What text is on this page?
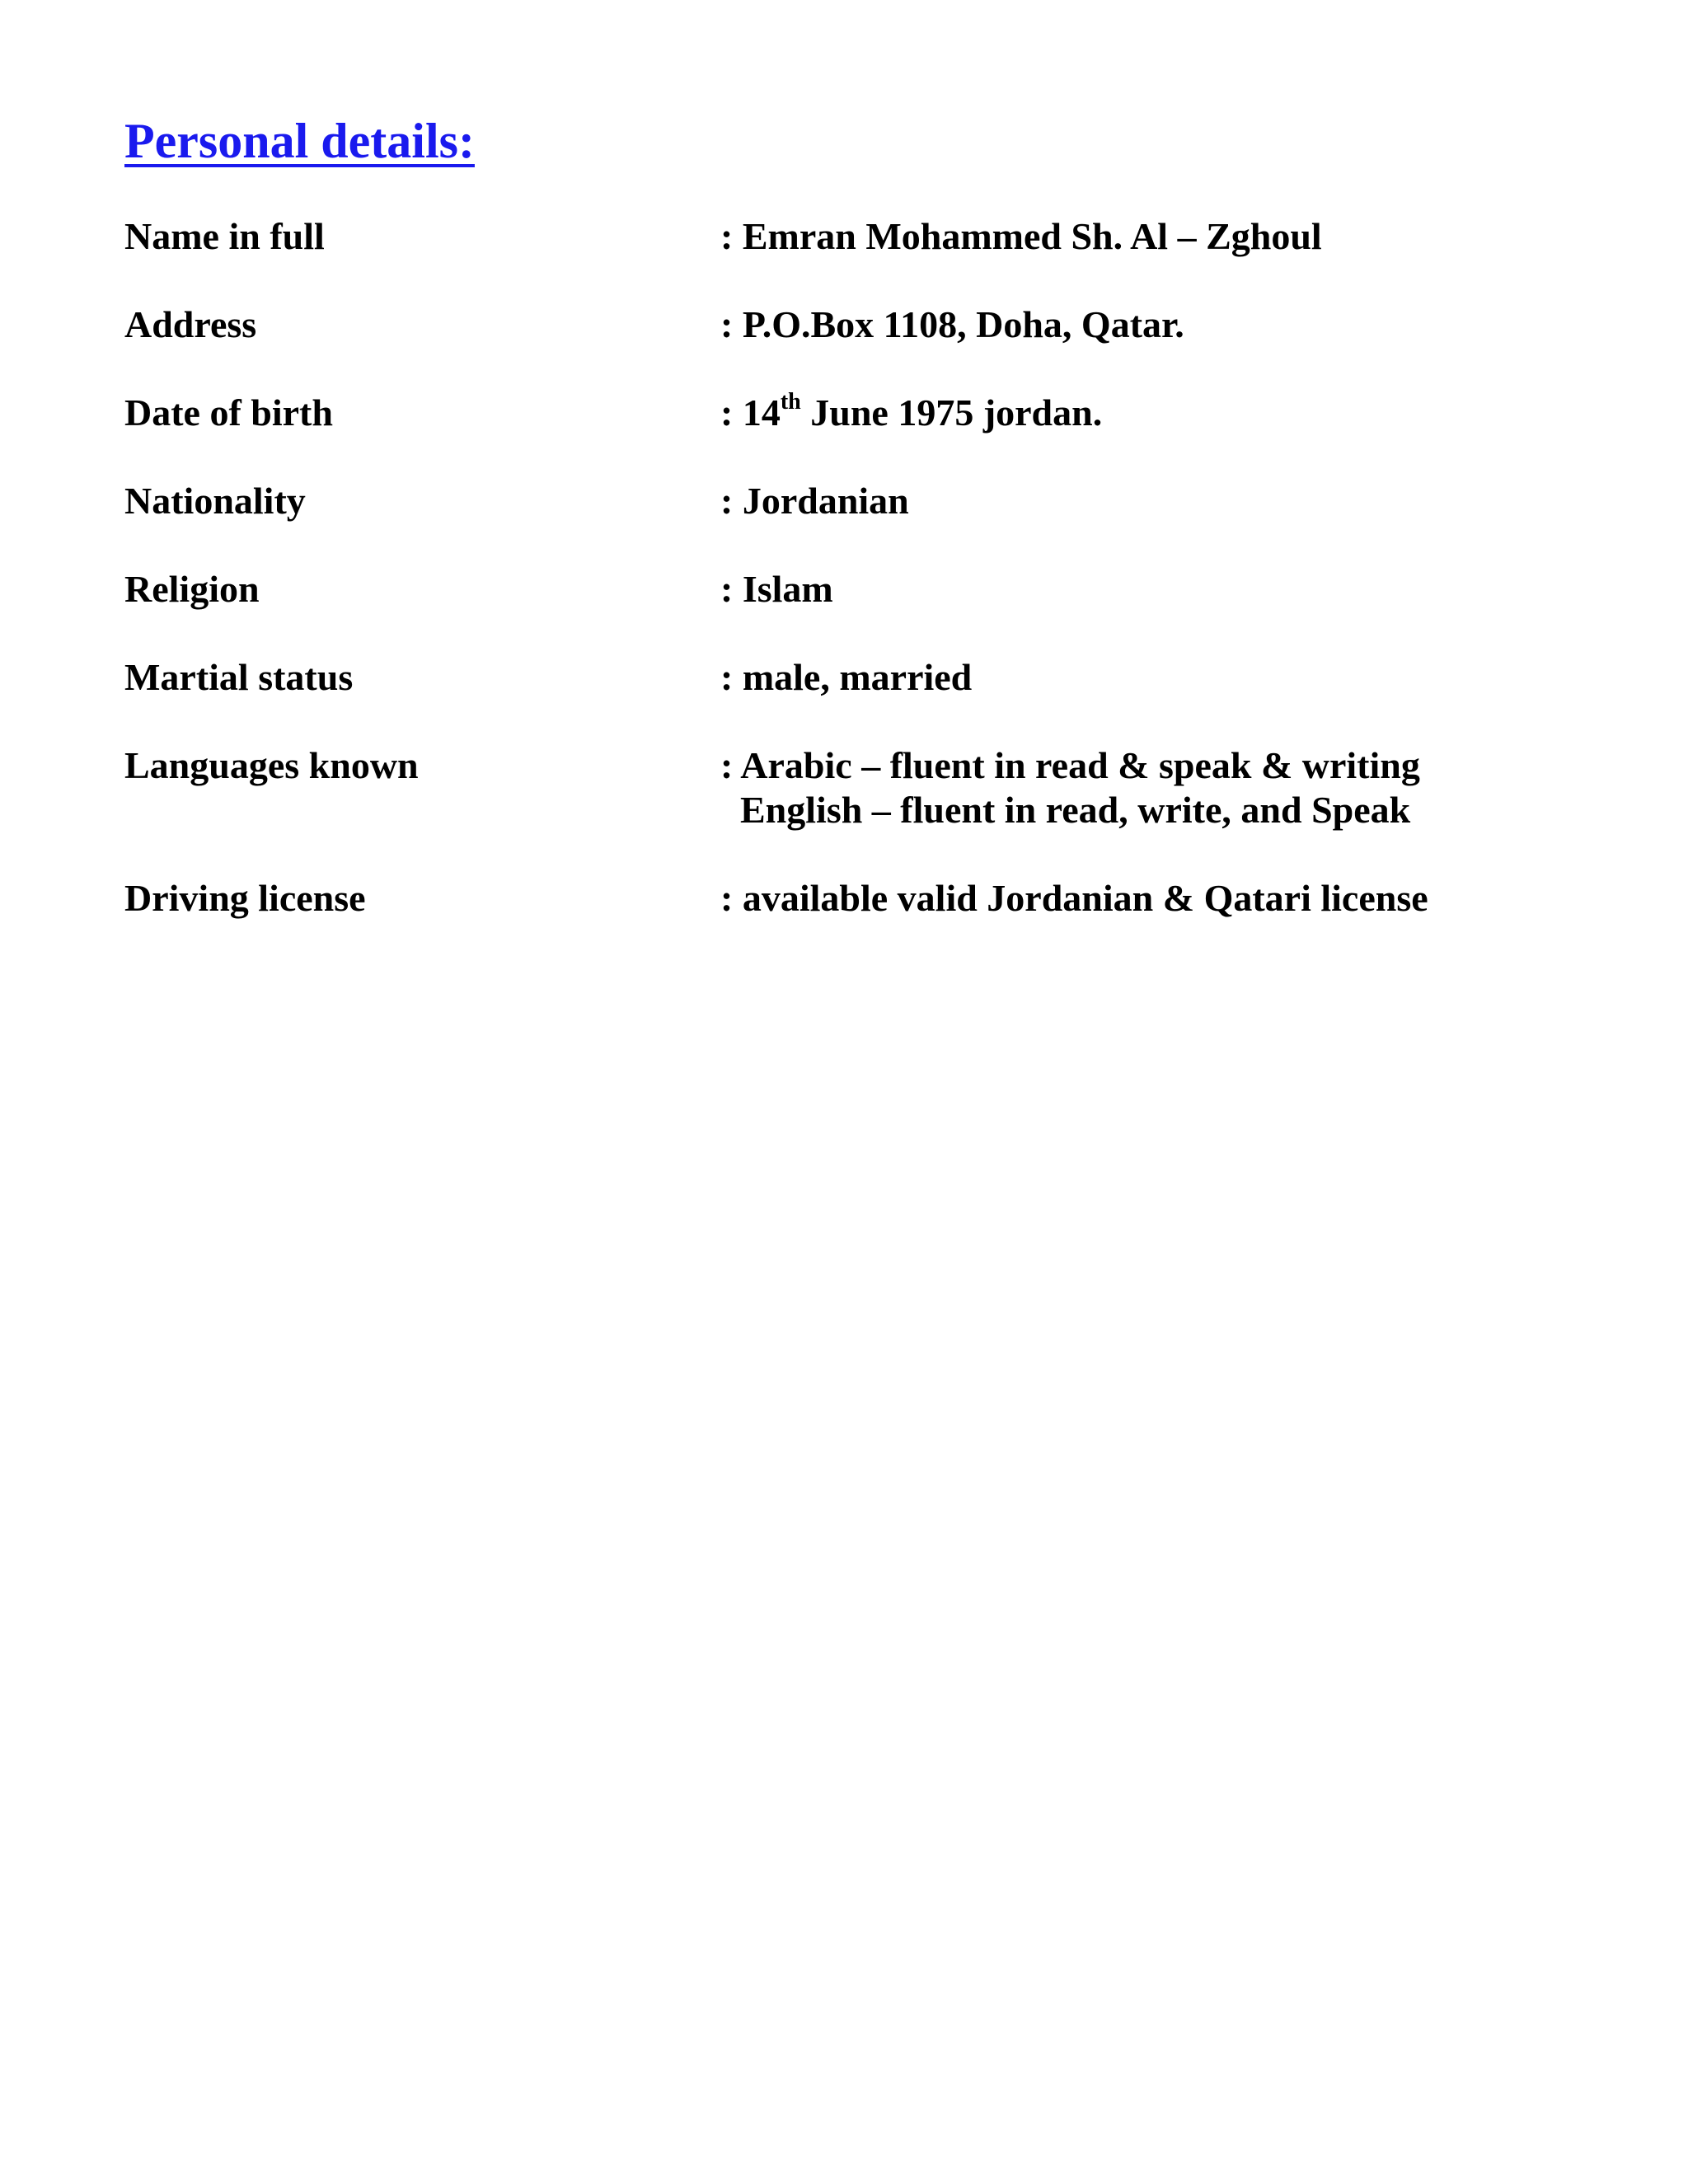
Personal details:
Name in full	: Emran Mohammed Sh. Al – Zghoul
Address	: P.O.Box 1108, Doha, Qatar.
Date of birth	: 14th June 1975 jordan.
Nationality	: Jordanian
Religion	: Islam
Martial status	: male, married
Languages known	: Arabic – fluent in read & speak & writing
English – fluent in read, write, and Speak
Driving license	: available valid Jordanian & Qatari license
